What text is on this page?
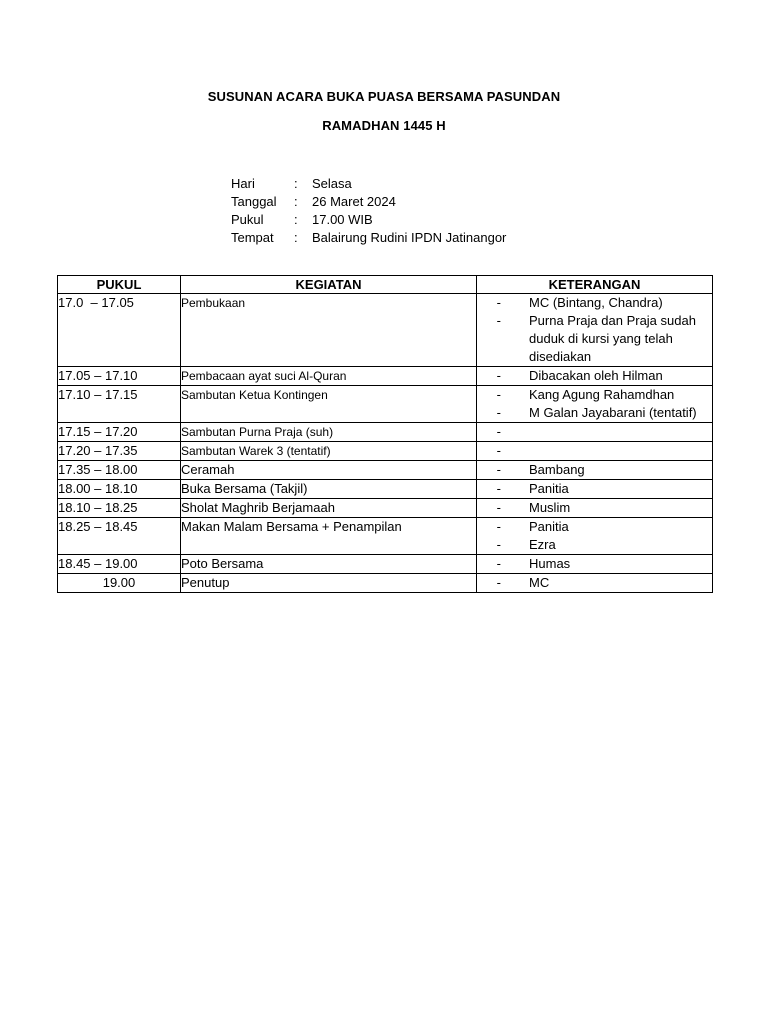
SUSUNAN ACARA BUKA PUASA BERSAMA PASUNDAN
RAMADHAN 1445 H
Hari	: Selasa
Tanggal : 26 Maret 2024
Pukul : 17.00 WIB
Tempat : Balairung Rudini IPDN Jatinangor
PUKUL	KEGIATAN	KETERANGAN
17.0  – 17.05	Pembukaan	- MC (Bintang, Chandra)
- Purna Praja dan Praja sudah duduk di kursi yang telah disediakan

17.05 – 17.10	Pembacaan ayat suci Al-Quran	- Dibacakan oleh Hilman

17.10 – 17.15	Sambutan Ketua Kontingen	- Kang Agung Rahamdhan
- M Galan Jayabarani (tentatif)

17.15 – 17.20	Sambutan Purna Praja (suh)	-

17.20 – 17.35	Sambutan Warek 3 (tentatif)	-

17.35 – 18.00	Ceramah	- Bambang

18.00 – 18.10	Buka Bersama (Takjil)	- Panitia

18.10 – 18.25	Sholat Maghrib Berjamaah	- Muslim

18.25 – 18.45	Makan Malam Bersama + Penampilan	- Panitia
- Ezra

18.45 – 19.00	Poto Bersama	- Humas

19.00	Penutup	- MC
